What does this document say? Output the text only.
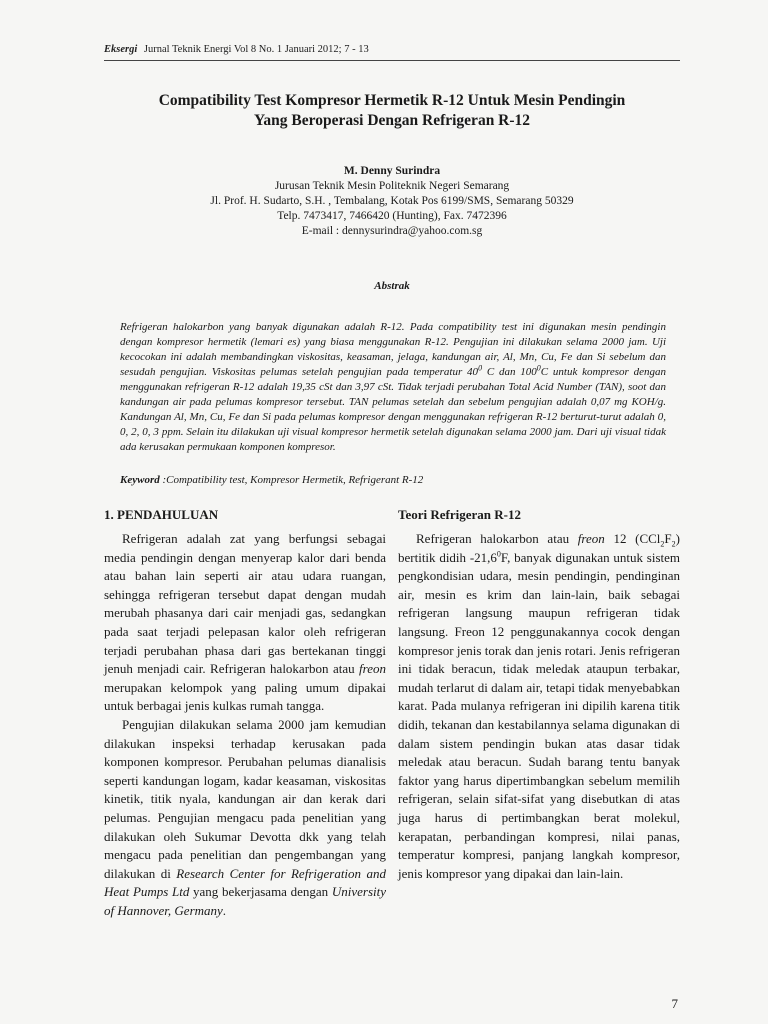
Eksergi Jurnal Teknik Energi Vol 8 No. 1 Januari 2012; 7 - 13
Compatibility Test Kompresor Hermetik R-12 Untuk Mesin Pendingin
Yang Beroperasi Dengan Refrigeran R-12
M. Denny Surindra
Jurusan Teknik Mesin Politeknik Negeri Semarang
Jl. Prof. H. Sudarto, S.H. , Tembalang, Kotak Pos 6199/SMS, Semarang 50329
Telp. 7473417, 7466420 (Hunting), Fax. 7472396
E-mail : dennysurindra@yahoo.com.sg
Abstrak

Refrigeran halokarbon yang banyak digunakan adalah R-12. Pada compatibility test ini digunakan mesin pendingin dengan kompresor hermetik (lemari es) yang biasa menggunakan R-12. Pengujian ini dilakukan selama 2000 jam. Uji kecocokan ini adalah membandingkan viskositas, keasaman, jelaga, kandungan air, Al, Mn, Cu, Fe dan Si sebelum dan sesudah pengujian. Viskositas pelumas setelah pengujian pada temperatur $40^0$ C dan $100^0C$ untuk kompresor dengan menggunakan refrigeran R-12 adalah 19,35 cSt dan 3,97 cSt. Tidak terjadi perubahan Total Acid Number (TAN), soot dan kandungan air pada pelumas kompresor tersebut. TAN pelumas setelah dan sebelum pengujian adalah 0,07 mg KOH/g. Kandungan Al, Mn, Cu, Fe dan Si pada pelumas kompresor dengan menggunakan refrigeran R-12 berturut-turut adalah 0, 0, 2, 0, 3 ppm. Selain itu dilakukan uji visual kompresor hermetik setelah digunakan selama 2000 jam. Dari uji visual tidak ada kerusakan permukaan komponen kompresor.

Keyword :Compatibility test, Kompresor Hermetik, Refrigerant R-12
1. PENDAHULUAN

Refrigeran adalah zat yang berfungsi sebagai media pendingin dengan menyerap kalor dari benda atau bahan lain seperti air atau udara ruangan, sehingga refrigeran tersebut dapat dengan mudah merubah phasanya dari cair menjadi gas, sedangkan pada saat terjadi pelepasan kalor oleh refrigeran terjadi perubahan phasa dari gas bertekanan tinggi jenuh menjadi cair. Refrigeran halokarbon atau freon merupakan kelompok yang paling umum dipakai untuk berbagai jenis kulkas rumah tangga.

Pengujian dilakukan selama 2000 jam kemudian dilakukan inspeksi terhadap kerusakan pada komponen kompresor. Perubahan pelumas dianalisis seperti kandungan logam, kadar keasaman, viskositas kinetik, titik nyala, kandungan air dan kerak dari pelumas. Pengujian mengacu pada penelitian yang dilakukan oleh Sukumar Devotta dkk yang telah mengacu pada penelitian dan pengembangan yang dilakukan di Research Center for Refrigeration and Heat Pumps Ltd yang bekerjasama dengan University of Hannover, Germany.

Teori Refrigeran R-12

Refrigeran halokarbon atau freon 12 $(CCl_2F_2)$ bertitik didih -21,6$^0$F, banyak digunakan untuk sistem pengkondisian udara, mesin pendingin, pendinginan air, mesin es krim dan lain-lain, baik sebagai refrigeran langsung maupun refrigeran tidak langsung. Freon 12 penggunakannya cocok dengan kompresor jenis torak dan jenis rotari. Jenis refrigeran ini tidak beracun, tidak meledak ataupun terbakar, mudah terlarut di dalam air, tetapi tidak menyebabkan karat. Pada mulanya refrigeran ini dipilih karena titik didih, tekanan dan kestabilannya selama digunakan di dalam sistem pendingin bukan atas dasar tidak meledak atau beracun. Sudah barang tentu banyak faktor yang harus dipertimbangkan sebelum memilih refrigeran, selain sifat-sifat yang disebutkan di atas juga harus di pertimbangkan berat molekul, kerapatan, perbandingan kompresi, nilai panas, temperatur kompresi, panjang langkah kompresor, jenis kompresor yang dipakai dan lain-lain.

7
